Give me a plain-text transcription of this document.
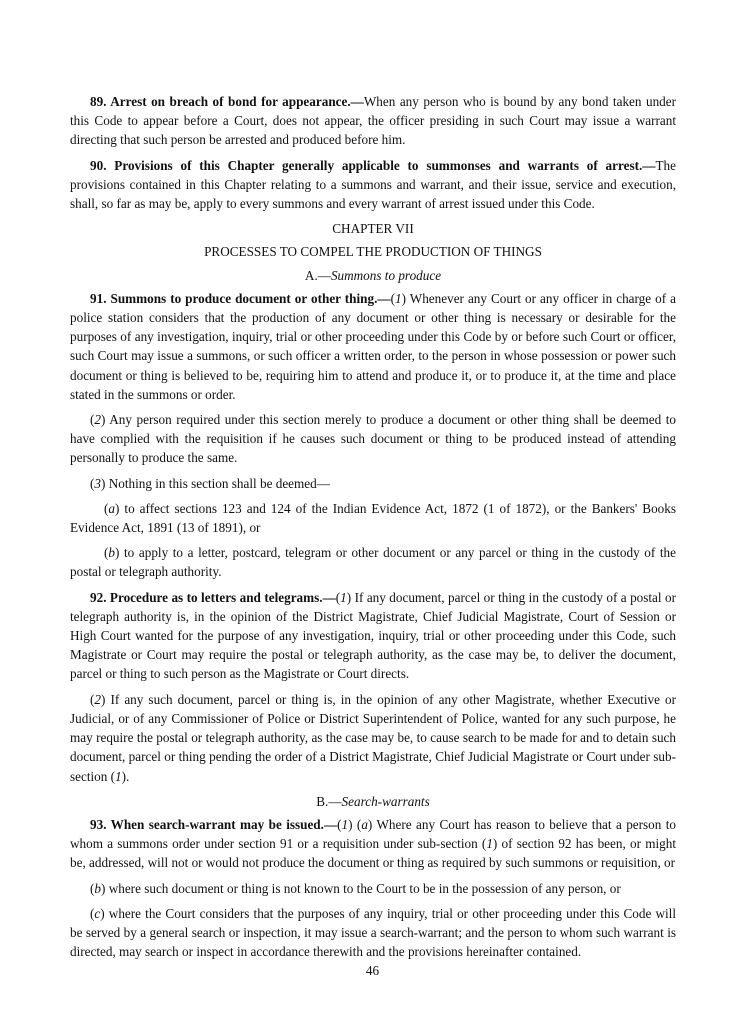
89. Arrest on breach of bond for appearance.—When any person who is bound by any bond taken under this Code to appear before a Court, does not appear, the officer presiding in such Court may issue a warrant directing that such person be arrested and produced before him.

90. Provisions of this Chapter generally applicable to summonses and warrants of arrest.—The provisions contained in this Chapter relating to a summons and warrant, and their issue, service and execution, shall, so far as may be, apply to every summons and every warrant of arrest issued under this Code.

CHAPTER VII

PROCESSES TO COMPEL THE PRODUCTION OF THINGS

A.—Summons to produce

91. Summons to produce document or other thing.—(1) Whenever any Court or any officer in charge of a police station considers that the production of any document or other thing is necessary or desirable for the purposes of any investigation, inquiry, trial or other proceeding under this Code by or before such Court or officer, such Court may issue a summons, or such officer a written order, to the person in whose possession or power such document or thing is believed to be, requiring him to attend and produce it, or to produce it, at the time and place stated in the summons or order.

(2) Any person required under this section merely to produce a document or other thing shall be deemed to have complied with the requisition if he causes such document or thing to be produced instead of attending personally to produce the same.

(3) Nothing in this section shall be deemed—

(a) to affect sections 123 and 124 of the Indian Evidence Act, 1872 (1 of 1872), or the Bankers' Books Evidence Act, 1891 (13 of 1891), or

(b) to apply to a letter, postcard, telegram or other document or any parcel or thing in the custody of the postal or telegraph authority.

92. Procedure as to letters and telegrams.—(1) If any document, parcel or thing in the custody of a postal or telegraph authority is, in the opinion of the District Magistrate, Chief Judicial Magistrate, Court of Session or High Court wanted for the purpose of any investigation, inquiry, trial or other proceeding under this Code, such Magistrate or Court may require the postal or telegraph authority, as the case may be, to deliver the document, parcel or thing to such person as the Magistrate or Court directs.

(2) If any such document, parcel or thing is, in the opinion of any other Magistrate, whether Executive or Judicial, or of any Commissioner of Police or District Superintendent of Police, wanted for any such purpose, he may require the postal or telegraph authority, as the case may be, to cause search to be made for and to detain such document, parcel or thing pending the order of a District Magistrate, Chief Judicial Magistrate or Court under sub-section (1).

B.—Search-warrants

93. When search-warrant may be issued.—(1) (a) Where any Court has reason to believe that a person to whom a summons order under section 91 or a requisition under sub-section (1) of section 92 has been, or might be, addressed, will not or would not produce the document or thing as required by such summons or requisition, or

(b) where such document or thing is not known to the Court to be in the possession of any person, or

(c) where the Court considers that the purposes of any inquiry, trial or other proceeding under this Code will be served by a general search or inspection, it may issue a search-warrant; and the person to whom such warrant is directed, may search or inspect in accordance therewith and the provisions hereinafter contained.

46
